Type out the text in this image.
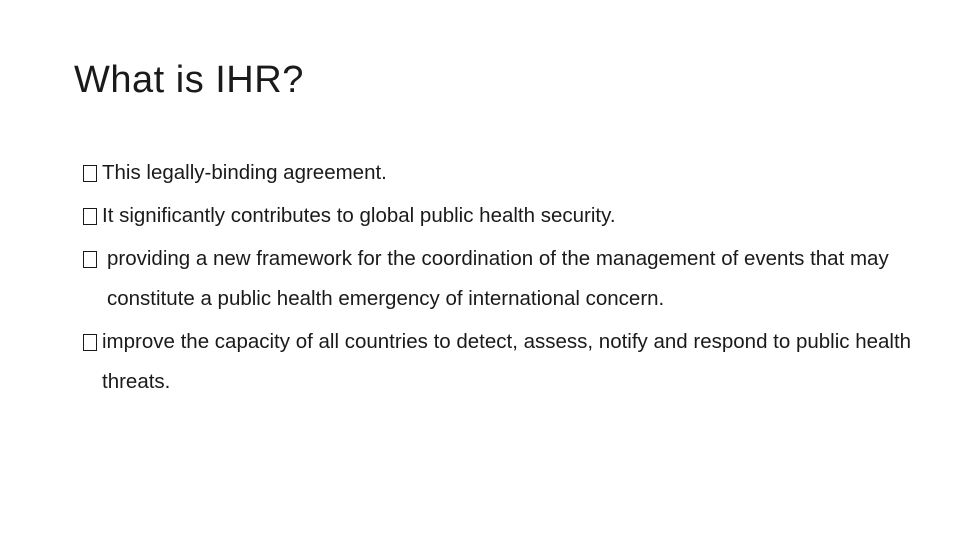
What is IHR?
This legally-binding agreement.
It significantly contributes to global public health security.
providing a new framework for the coordination of the management of events that may constitute a public health emergency of international concern.
improve the capacity of all countries to detect, assess, notify and respond to public health threats.
